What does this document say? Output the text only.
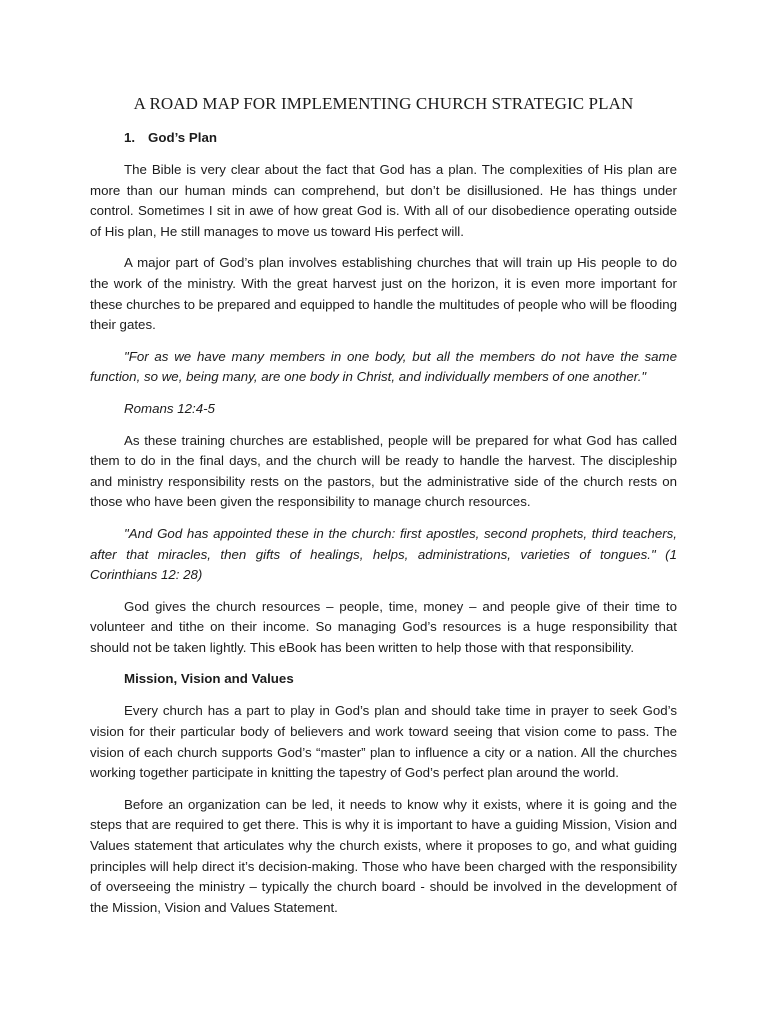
A ROAD MAP FOR IMPLEMENTING CHURCH STRATEGIC PLAN
1. God’s Plan

The Bible is very clear about the fact that God has a plan. The complexities of His plan are more than our human minds can comprehend, but don’t be disillusioned. He has things under control. Sometimes I sit in awe of how great God is. With all of our disobedience operating outside of His plan, He still manages to move us toward His perfect will.

A major part of God’s plan involves establishing churches that will train up His people to do the work of the ministry. With the great harvest just on the horizon, it is even more important for these churches to be prepared and equipped to handle the multitudes of people who will be flooding their gates.

"For as we have many members in one body, but all the members do not have the same function, so we, being many, are one body in Christ, and individually members of one another."

Romans 12:4-5

As these training churches are established, people will be prepared for what God has called them to do in the final days, and the church will be ready to handle the harvest. The discipleship and ministry responsibility rests on the pastors, but the administrative side of the church rests on those who have been given the responsibility to manage church resources.

"And God has appointed these in the church: first apostles, second prophets, third teachers, after that miracles, then gifts of healings, helps, administrations, varieties of tongues." (1 Corinthians 12: 28)

God gives the church resources – people, time, money – and people give of their time to volunteer and tithe on their income. So managing God’s resources is a huge responsibility that should not be taken lightly. This eBook has been written to help those with that responsibility.

Mission, Vision and Values

Every church has a part to play in God’s plan and should take time in prayer to seek God’s vision for their particular body of believers and work toward seeing that vision come to pass. The vision of each church supports God’s “master” plan to influence a city or a nation. All the churches working together participate in knitting the tapestry of God’s perfect plan around the world.

Before an organization can be led, it needs to know why it exists, where it is going and the steps that are required to get there. This is why it is important to have a guiding Mission, Vision and Values statement that articulates why the church exists, where it proposes to go, and what guiding principles will help direct it’s decision-making. Those who have been charged with the responsibility of overseeing the ministry – typically the church board - should be involved in the development of the Mission, Vision and Values Statement.
